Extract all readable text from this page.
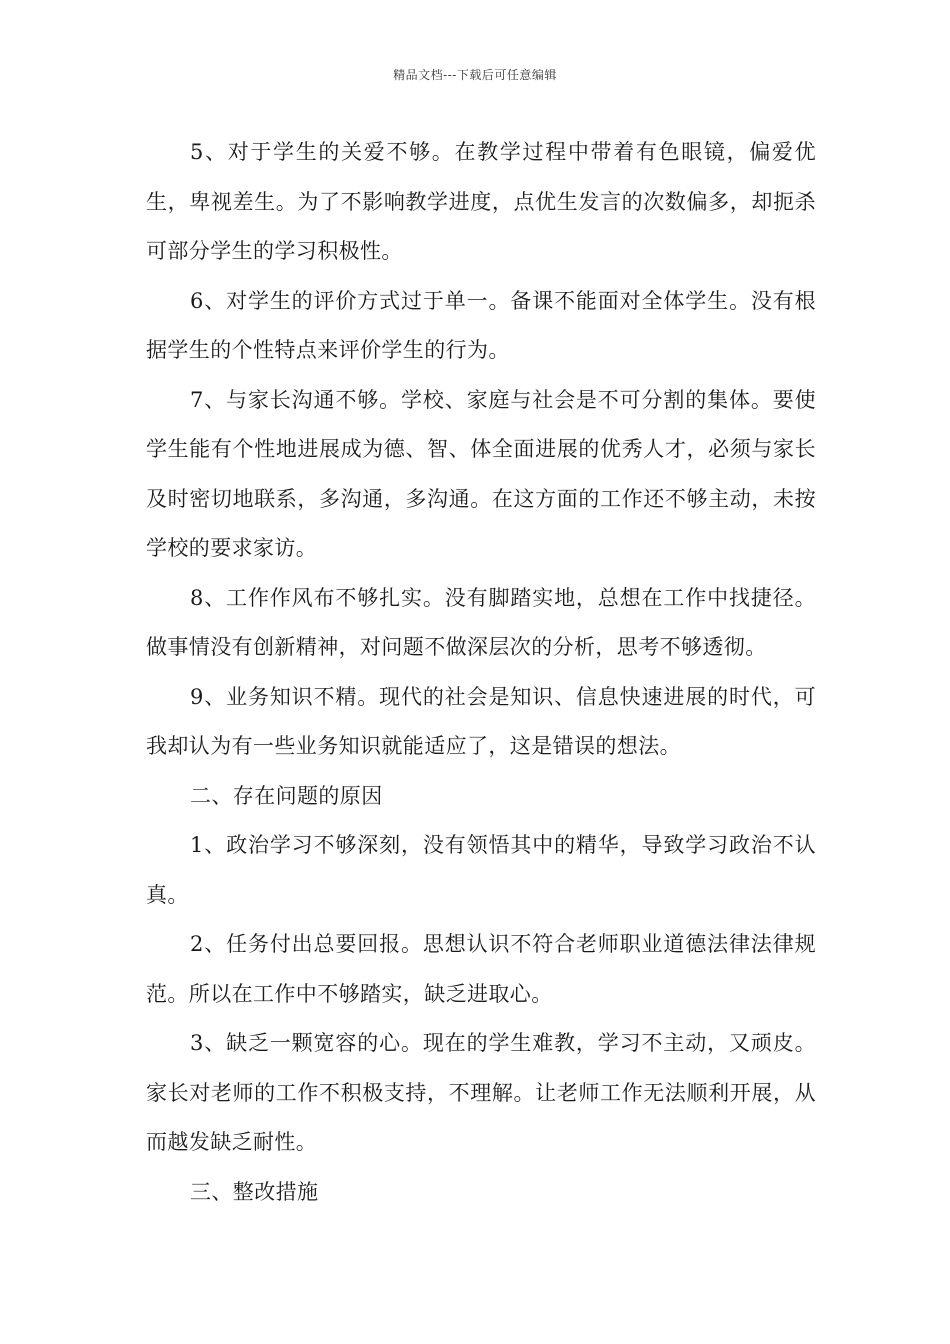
精品文档---下载后可任意编辑

5、对于学生的关爱不够。在教学过程中带着有色眼镜，偏爱优生，卑视差生。为了不影响教学进度，点优生发言的次数偏多，却扼杀可部分学生的学习积极性。

6、对学生的评价方式过于单一。备课不能面对全体学生。没有根据学生的个性特点来评价学生的行为。

7、与家长沟通不够。学校、家庭与社会是不可分割的集体。要使学生能有个性地进展成为德、智、体全面进展的优秀人才，必须与家长及时密切地联系，多沟通，多沟通。在这方面的工作还不够主动，未按学校的要求家访。

8、工作作风布不够扎实。没有脚踏实地，总想在工作中找捷径。做事情没有创新精神，对问题不做深层次的分析，思考不够透彻。

9、业务知识不精。现代的社会是知识、信息快速进展的时代，可我却认为有一些业务知识就能适应了，这是错误的想法。

二、存在问题的原因

1、政治学习不够深刻，没有领悟其中的精华，导致学习政治不认真。

2、任务付出总要回报。思想认识不符合老师职业道德法律法律规范。所以在工作中不够踏实，缺乏进取心。

3、缺乏一颗宽容的心。现在的学生难教，学习不主动，又顽皮。家长对老师的工作不积极支持，不理解。让老师工作无法顺利开展，从而越发缺乏耐性。

三、整改措施
